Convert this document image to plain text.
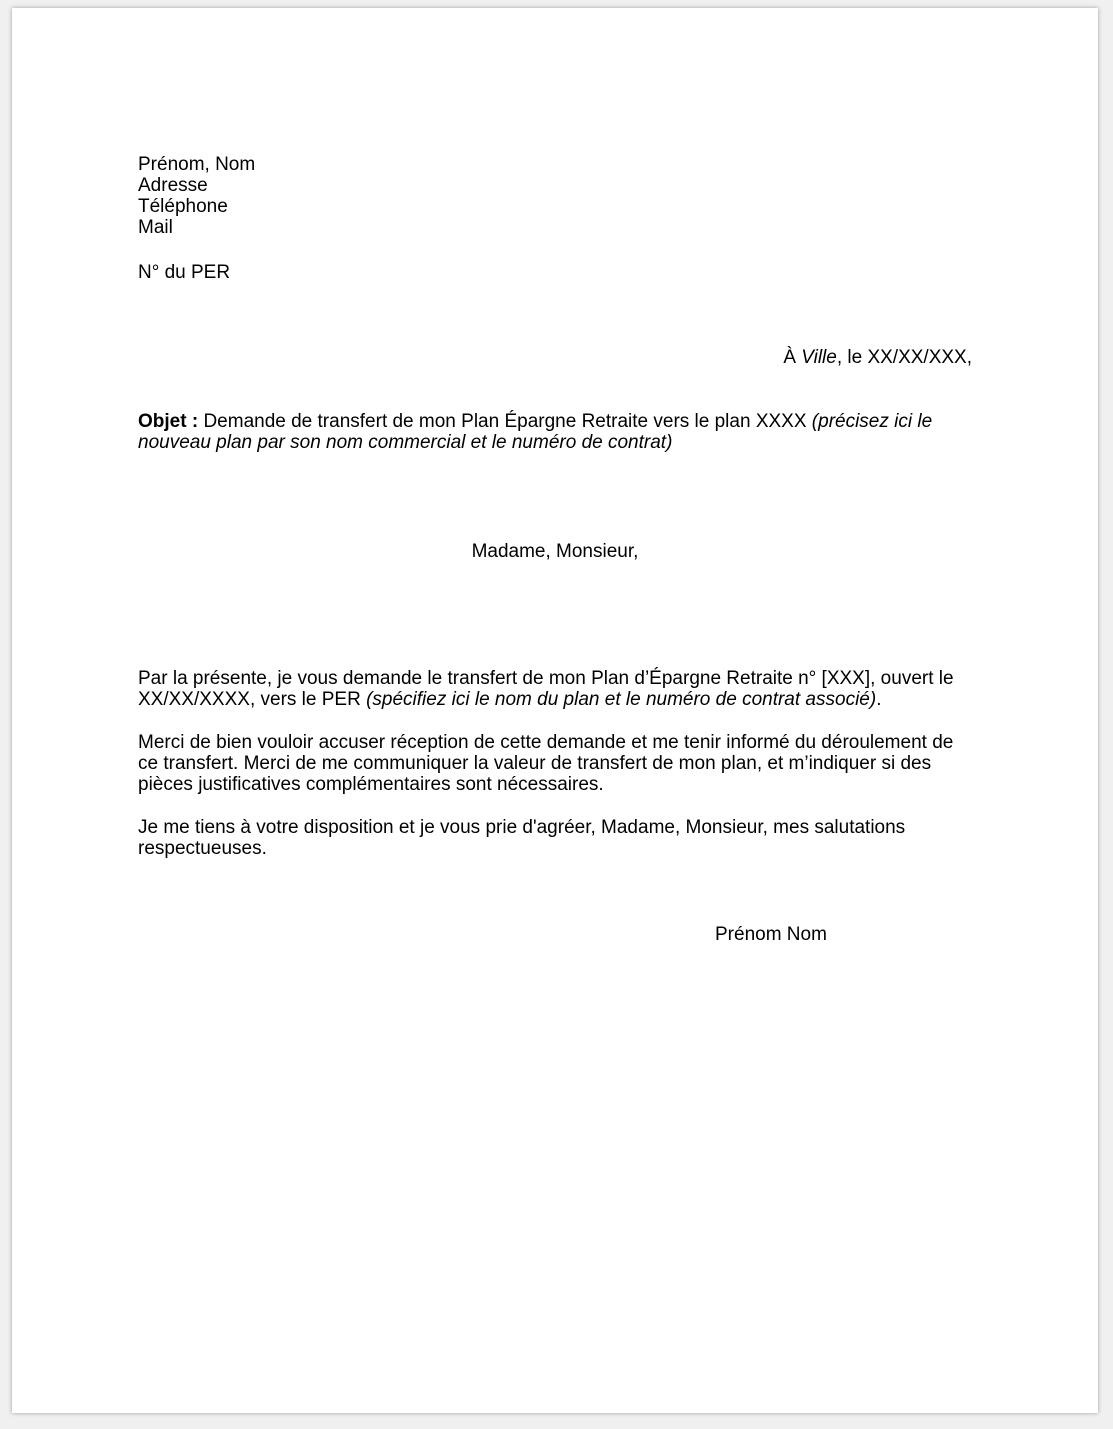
Prénom, Nom
Adresse
Téléphone
Mail
N° du PER
À Ville, le XX/XX/XXX,
Objet : Demande de transfert de mon Plan Épargne Retraite vers le plan XXXX (précisez ici le nouveau plan par son nom commercial et le numéro de contrat)
Madame, Monsieur,
Par la présente, je vous demande le transfert de mon Plan d’Épargne Retraite n° [XXX], ouvert le XX/XX/XXXX, vers le PER (spécifiez ici le nom du plan et le numéro de contrat associé).
Merci de bien vouloir accuser réception de cette demande et me tenir informé du déroulement de ce transfert. Merci de me communiquer la valeur de transfert de mon plan, et m’indiquer si des pièces justificatives complémentaires sont nécessaires.
Je me tiens à votre disposition et je vous prie d'agréer, Madame, Monsieur, mes salutations respectueuses.
Prénom Nom
